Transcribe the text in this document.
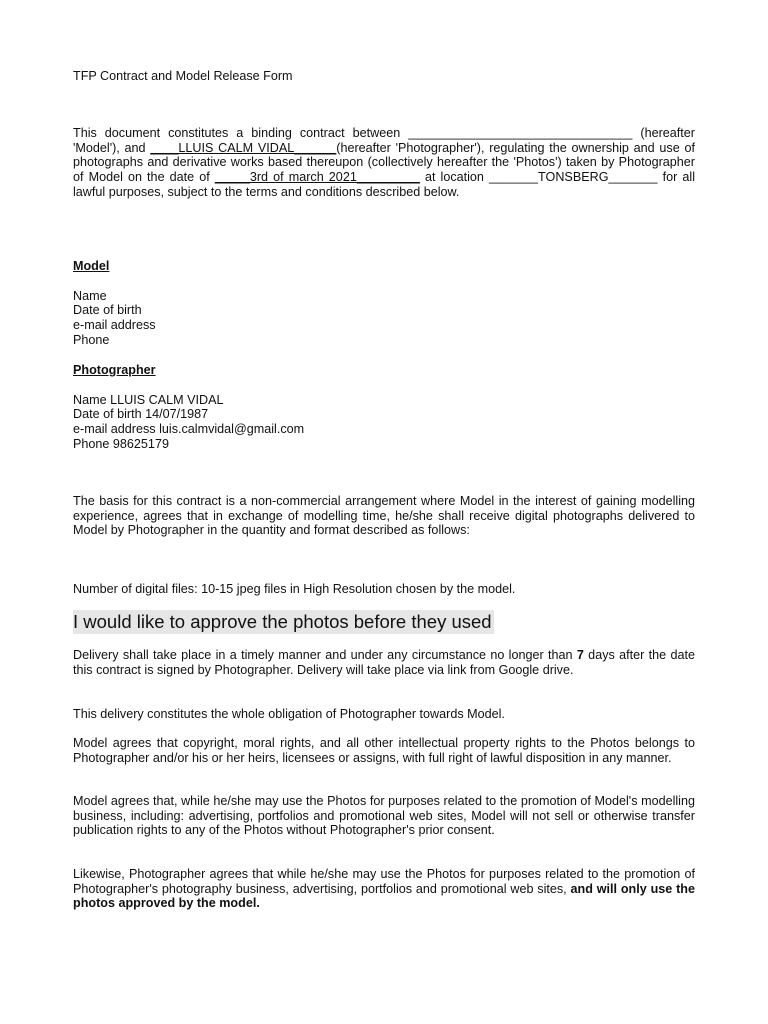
TFP Contract and Model Release Form

This document constitutes a binding contract between ________________________________ (hereafter 'Model'), and ____LLUIS CALM VIDAL______(hereafter 'Photographer'), regulating the ownership and use of photographs and derivative works based thereupon (collectively hereafter the 'Photos') taken by Photographer of Model on the date of _____3rd of march 2021_________ at location _______TONSBERG_______ for all lawful purposes, subject to the terms and conditions described below.

Model
Name
Date of birth
e-mail address
Phone
Photographer
Name LLUIS CALM VIDAL
Date of birth 14/07/1987
e-mail address luis.calmvidal@gmail.com
Phone 98625179

The basis for this contract is a non-commercial arrangement where Model in the interest of gaining modelling experience, agrees that in exchange of modelling time, he/she shall receive digital photographs delivered to Model by Photographer in the quantity and format described as follows:

Number of digital files: 10-15 jpeg files in High Resolution chosen by the model.

I would like to approve the photos before they used

Delivery shall take place in a timely manner and under any circumstance no longer than 7 days after the date this contract is signed by Photographer. Delivery will take place via link from Google drive.

This delivery constitutes the whole obligation of Photographer towards Model.

Model agrees that copyright, moral rights, and all other intellectual property rights to the Photos belongs to Photographer and/or his or her heirs, licensees or assigns, with full right of lawful disposition in any manner.

Model agrees that, while he/she may use the Photos for purposes related to the promotion of Model's modelling business, including: advertising, portfolios and promotional web sites, Model will not sell or otherwise transfer publication rights to any of the Photos without Photographer's prior consent.

Likewise, Photographer agrees that while he/she may use the Photos for purposes related to the promotion of Photographer's photography business, advertising, portfolios and promotional web sites, and will only use the photos approved by the model.
